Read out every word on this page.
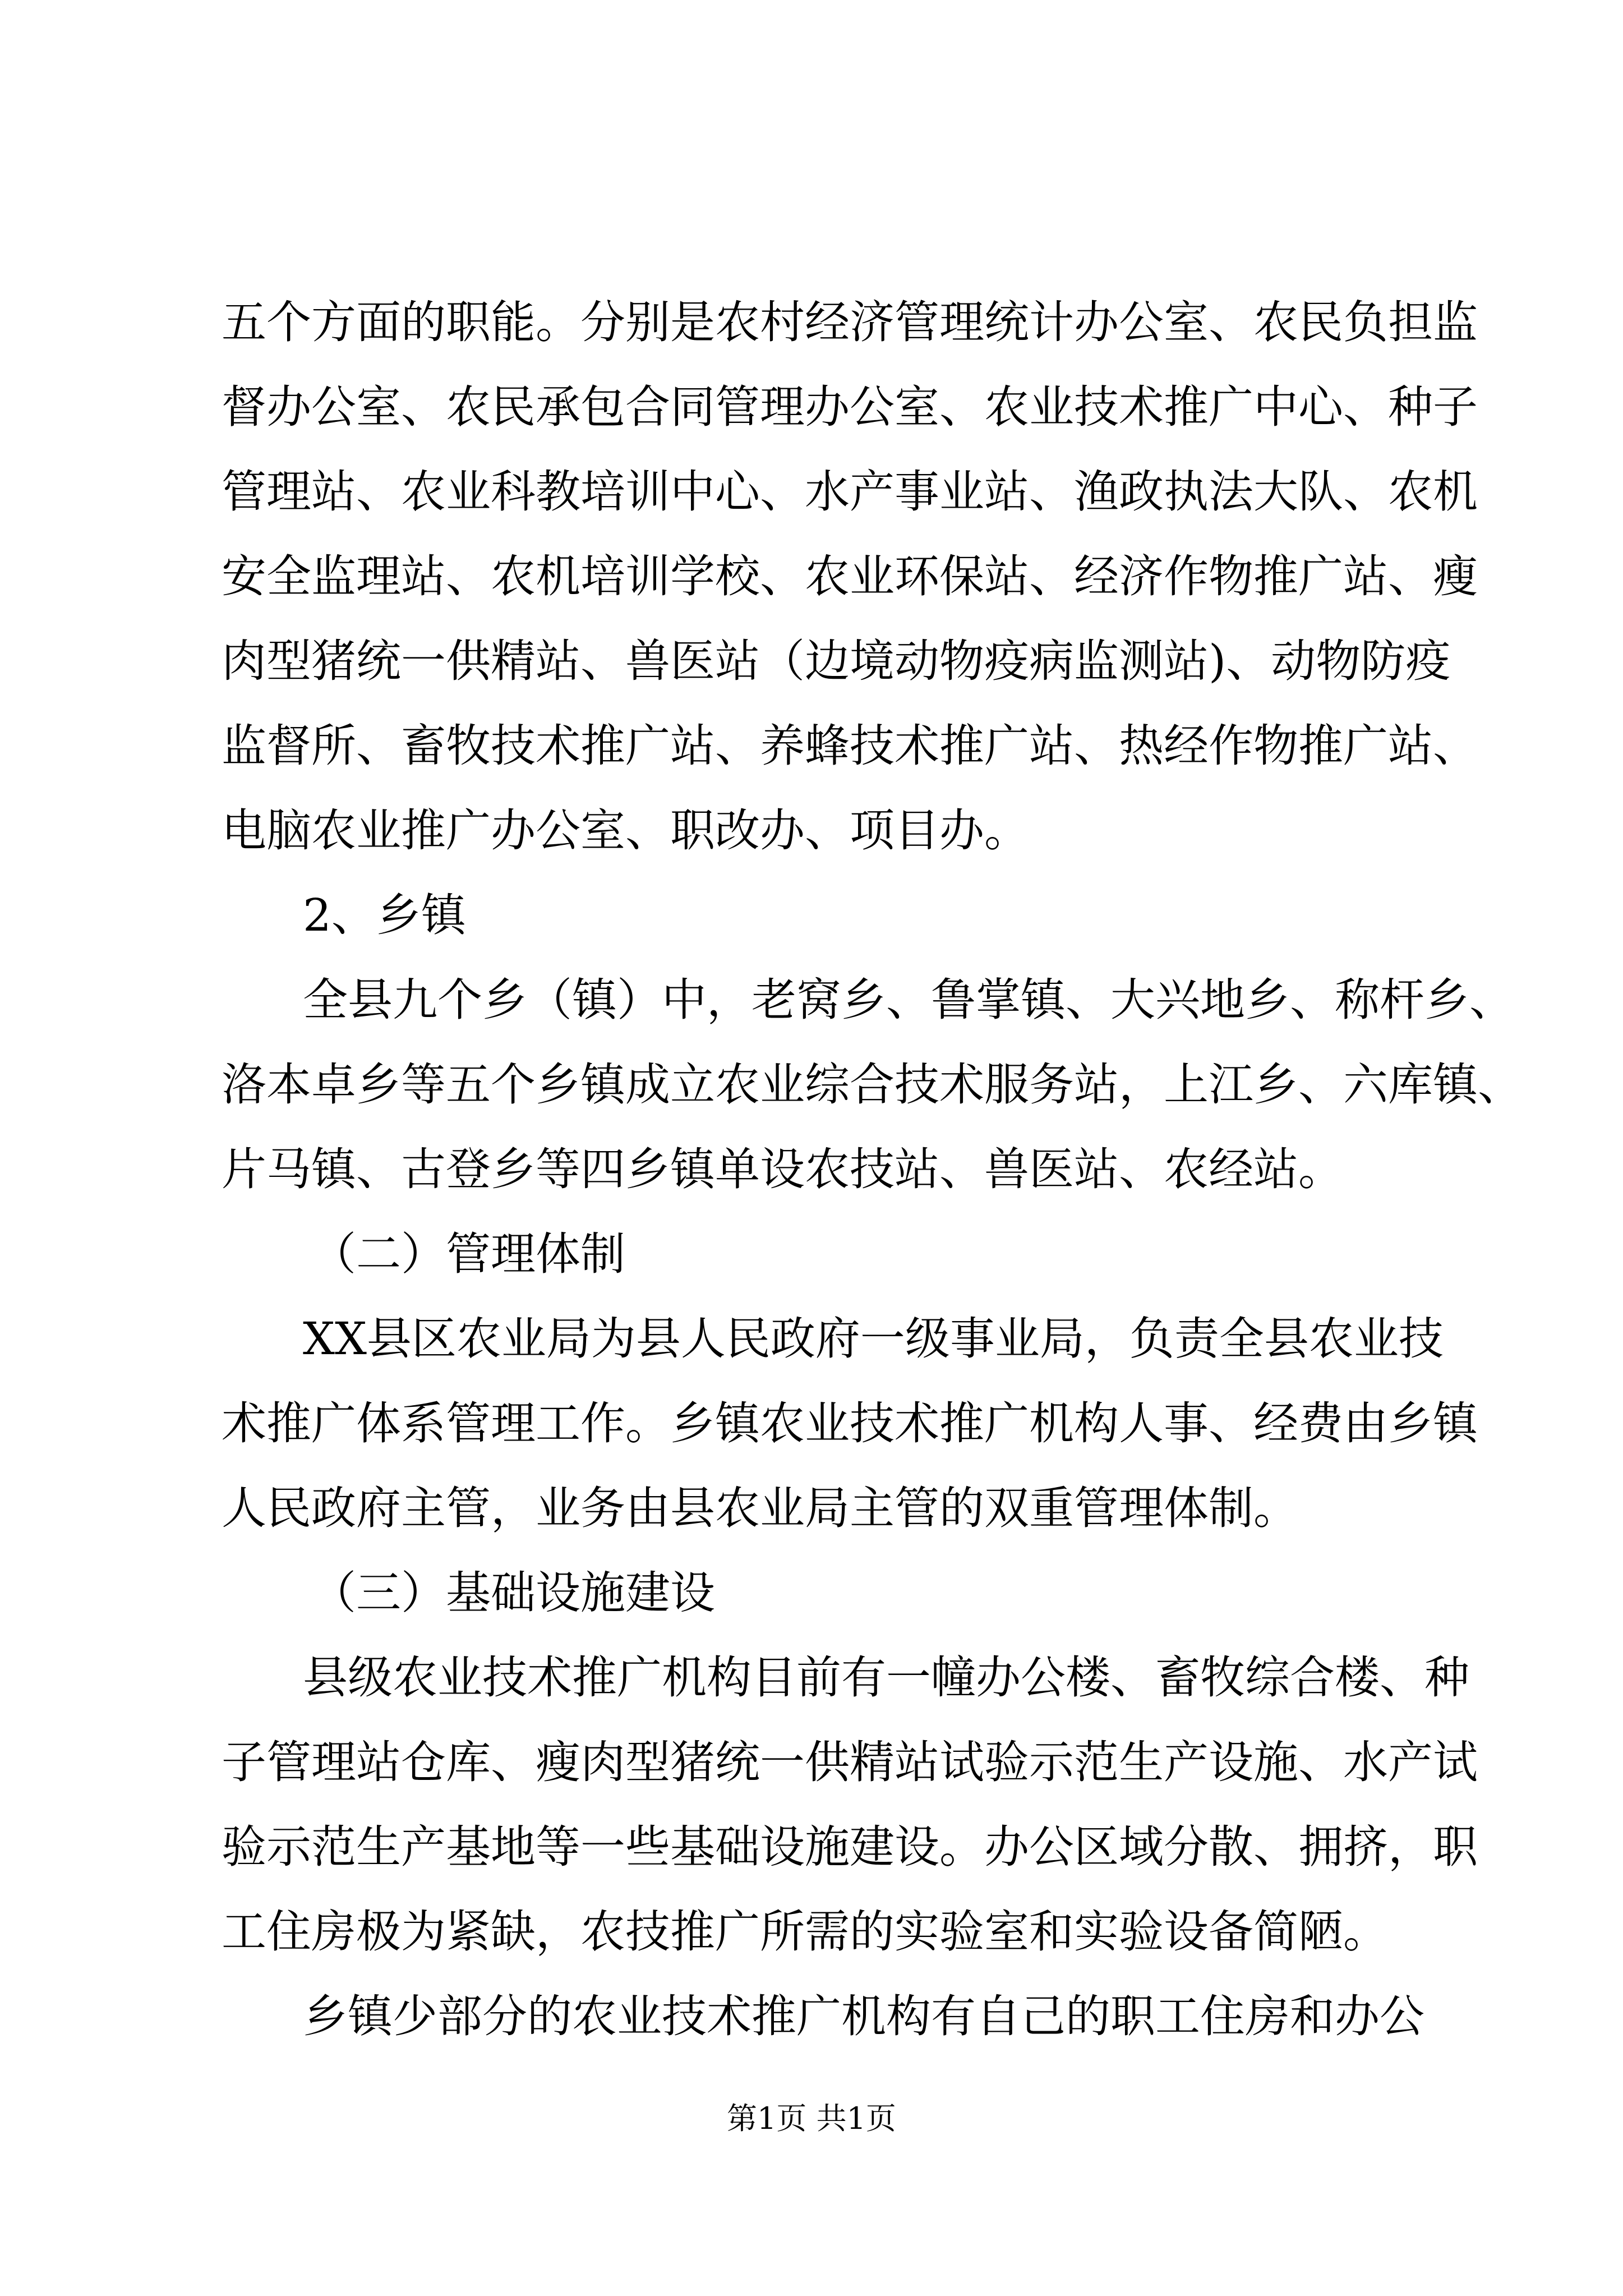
五个方面的职能。分别是农村经济管理统计办公室、农民负担监
督办公室、农民承包合同管理办公室、农业技术推广中心、种子
管理站、农业科教培训中心、水产事业站、渔政执法大队、农机
安全监理站、农机培训学校、农业环保站、经济作物推广站、瘦
肉型猪统一供精站、兽医站（边境动物疫病监测站)、动物防疫
监督所、畜牧技术推广站、养蜂技术推广站、热经作物推广站、
电脑农业推广办公室、职改办、项目办。
2、乡镇
全县九个乡（镇）中，老窝乡、鲁掌镇、大兴地乡、称杆乡、
洛本卓乡等五个乡镇成立农业综合技术服务站，上江乡、六库镇、
片马镇、古登乡等四乡镇单设农技站、兽医站、农经站。
（二）管理体制
XX县区农业局为县人民政府一级事业局，负责全县农业技
术推广体系管理工作。乡镇农业技术推广机构人事、经费由乡镇
人民政府主管，业务由县农业局主管的双重管理体制。
（三）基础设施建设
县级农业技术推广机构目前有一幢办公楼、畜牧综合楼、种
子管理站仓库、瘦肉型猪统一供精站试验示范生产设施、水产试
验示范生产基地等一些基础设施建设。办公区域分散、拥挤，职
工住房极为紧缺，农技推广所需的实验室和实验设备简陋。
乡镇少部分的农业技术推广机构有自己的职工住房和办公
第1页 共1页
